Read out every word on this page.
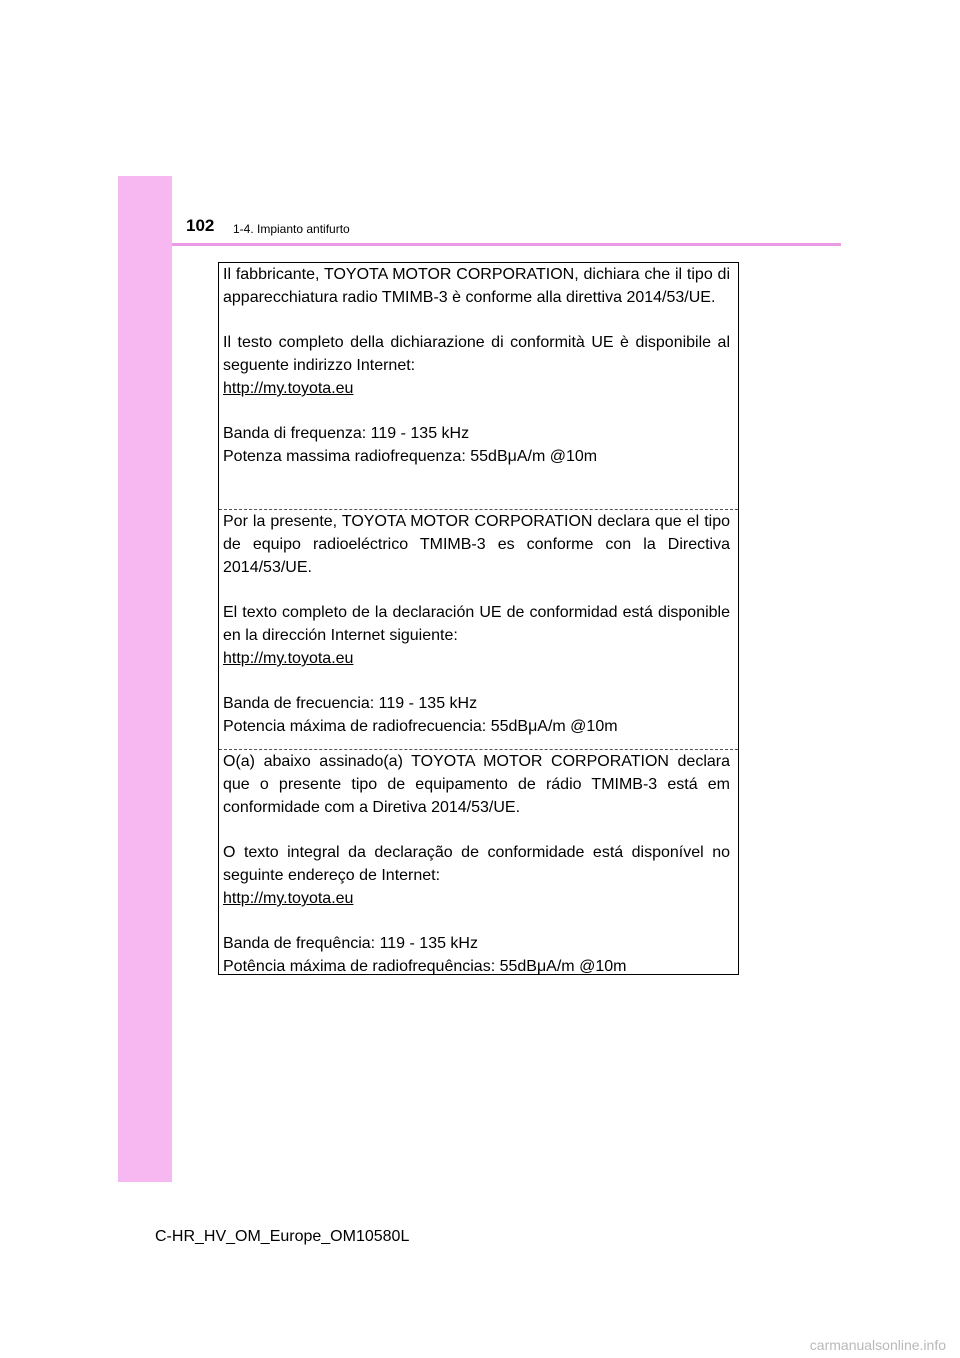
102 1-4. Impianto antifurto

Il fabbricante, TOYOTA MOTOR CORPORATION, dichiara che il tipo di apparecchiatura radio TMIMB-3 è conforme alla direttiva 2014/53/UE.

Il testo completo della dichiarazione di conformità UE è disponibile al seguente indirizzo Internet:

http://my.toyota.eu

Banda di frequenza: 119 - 135 kHz

Potenza massima radiofrequenza: 55dBμA/m @10m

Por la presente, TOYOTA MOTOR CORPORATION declara que el tipo de equipo radioeléctrico TMIMB-3 es conforme con la Directiva 2014/53/UE.

El texto completo de la declaración UE de conformidad está disponible en la dirección Internet siguiente:

http://my.toyota.eu

Banda de frecuencia: 119 - 135 kHz

Potencia máxima de radiofrecuencia: 55dBμA/m @10m

O(a) abaixo assinado(a) TOYOTA MOTOR CORPORATION declara que o presente tipo de equipamento de rádio TMIMB-3 está em conformidade com a Diretiva 2014/53/UE.

O texto integral da declaração de conformidade está disponível no seguinte endereço de Internet:

http://my.toyota.eu

Banda de frequência: 119 - 135 kHz

Potência máxima de radiofrequências: 55dBμA/m @10m

C-HR_HV_OM_Europe_OM10580L
carmanualsonline.info
